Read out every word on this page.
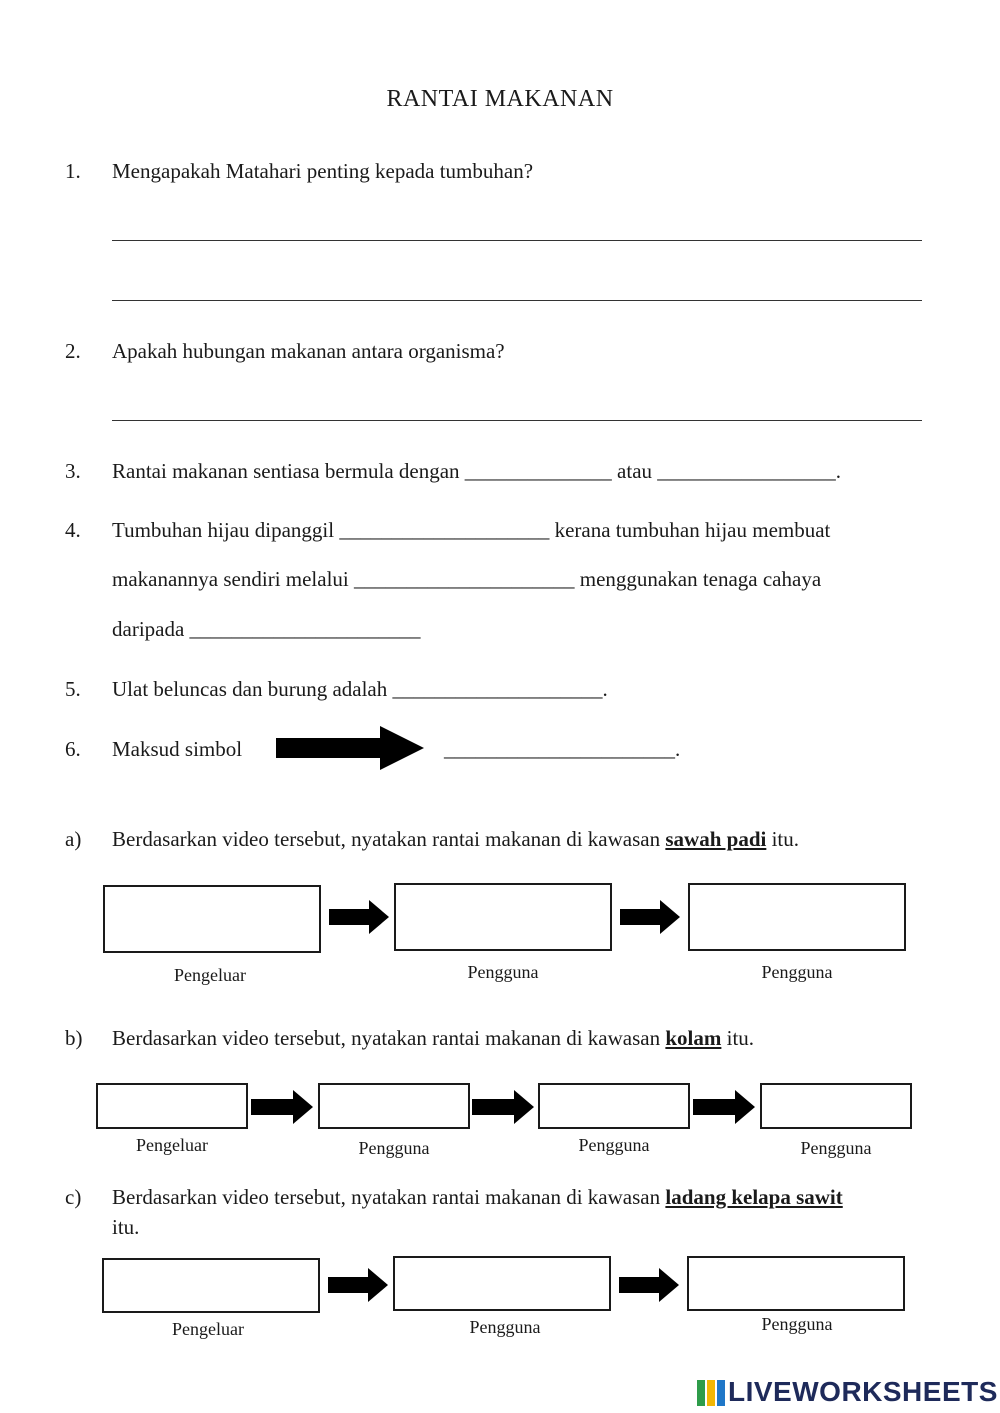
RANTAI MAKANAN
1. Mengapakah Matahari penting kepada tumbuhan?
2. Apakah hubungan makanan antara organisma?
3. Rantai makanan sentiasa bermula dengan ______________ atau _________________.
4. Tumbuhan hijau dipanggil ____________________ kerana tumbuhan hijau membuat
makanannya sendiri melalui _____________________ menggunakan tenaga cahaya
daripada ______________________
5. Ulat beluncas dan burung adalah ____________________.
6. Maksud simbol	______________________.
a) Berdasarkan video tersebut, nyatakan rantai makanan di kawasan sawah padi itu.
Pengeluar	Pengguna	Pengguna
b) Berdasarkan video tersebut, nyatakan rantai makanan di kawasan kolam itu.
Pengeluar	Pengguna	Pengguna	Pengguna
c) Berdasarkan video tersebut, nyatakan rantai makanan di kawasan ladang kelapa sawit
itu.
Pengeluar	Pengguna	Pengguna
LIVEWORKSHEETS
